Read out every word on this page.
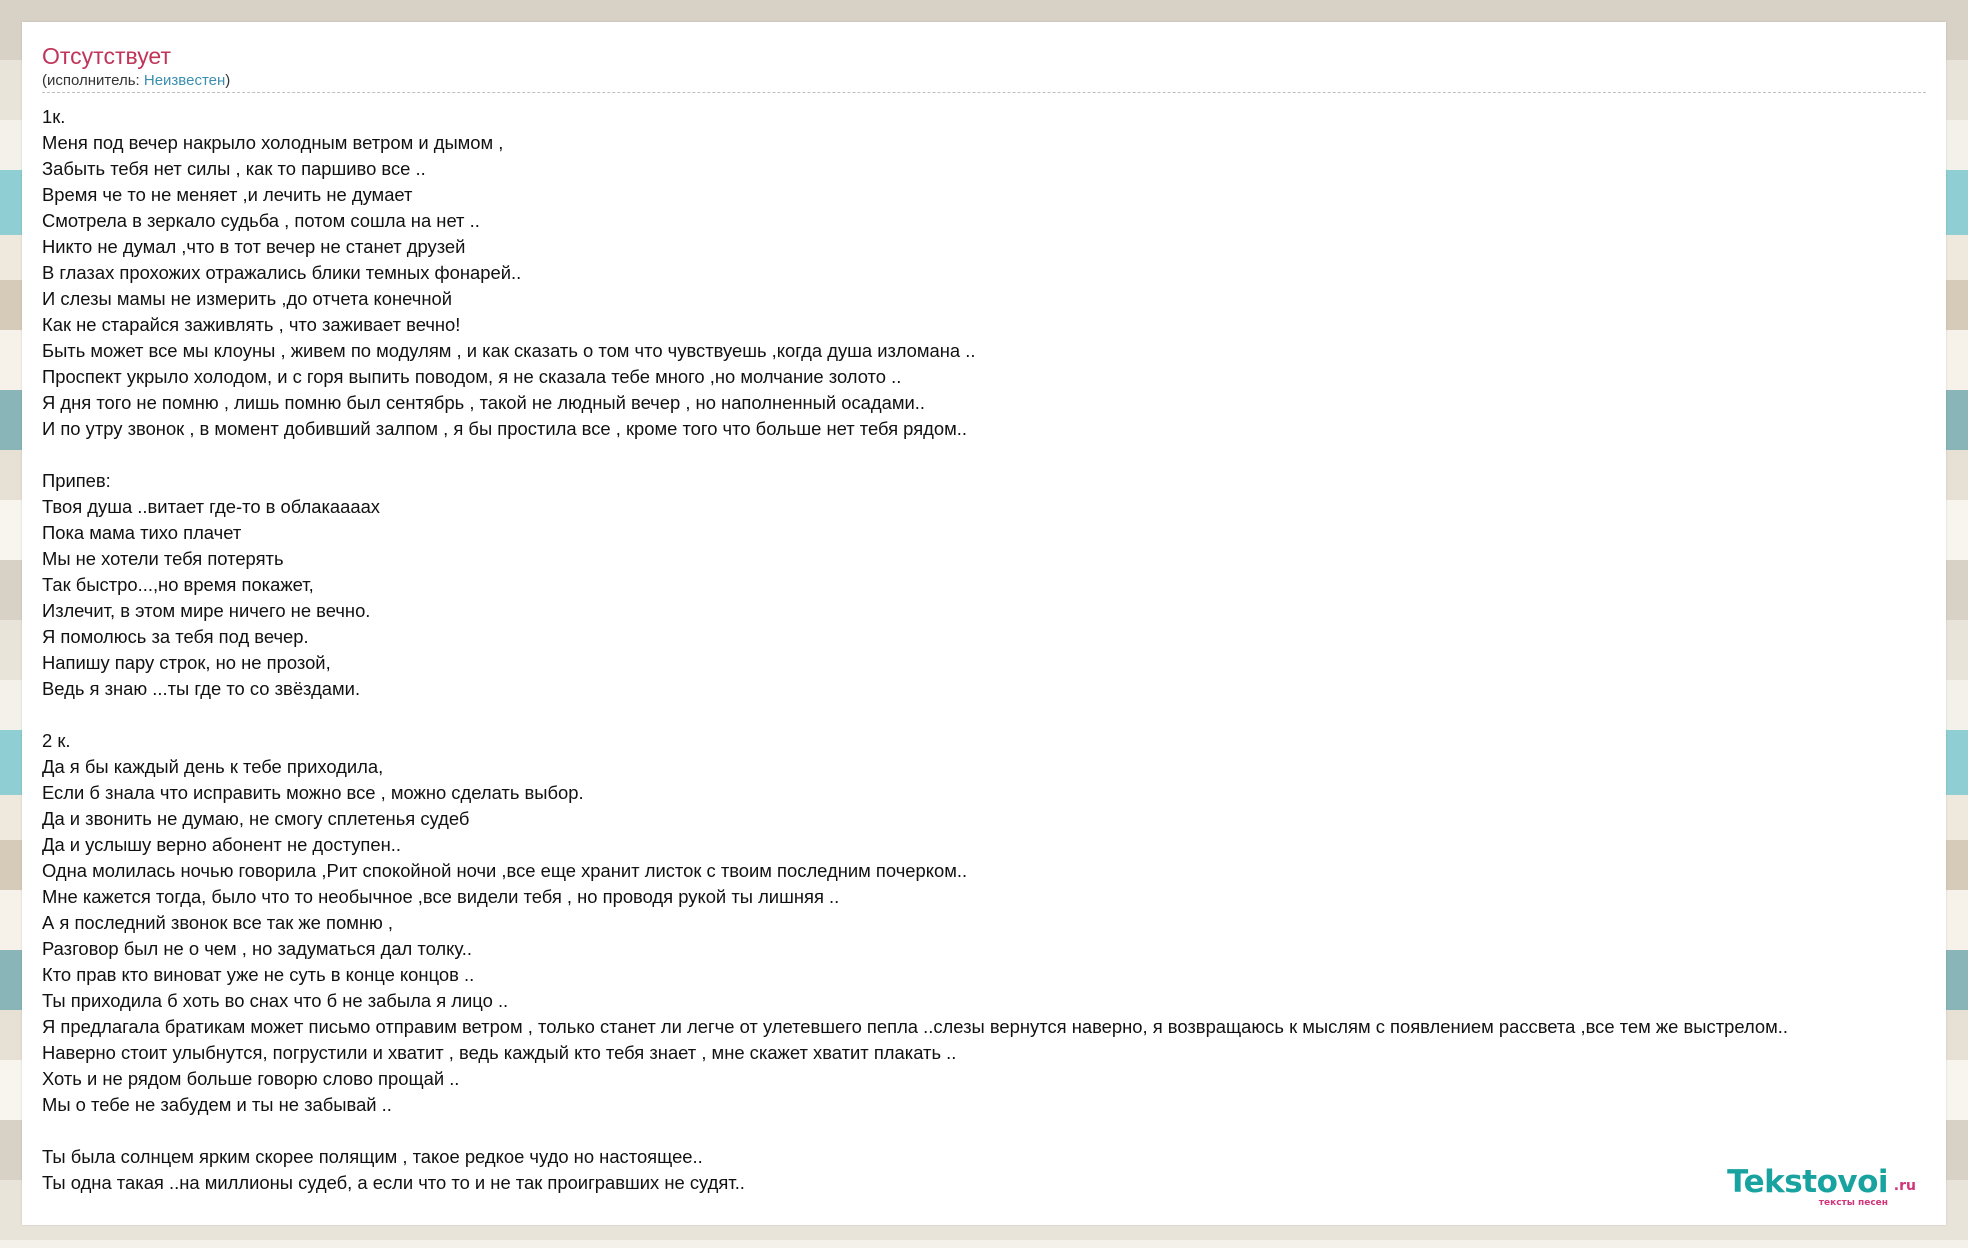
Отсутствует
(исполнитель: Неизвестен)
1к.
Меня под вечер накрыло холодным ветром и дымом ,
Забыть тебя нет силы , как то паршиво все ..
Время че то не меняет ,и лечить не думает
Смотрела в зеркало судьба , потом сошла на нет ..
Никто не думал ,что в тот вечер не станет друзей
В глазах прохожих отражались блики темных фонарей..
И слезы мамы не измерить ,до отчета конечной
Как не старайся заживлять , что заживает вечно!
Быть может все мы клоуны , живем по модулям , и как сказать о том что чувствуешь ,когда душа изломана ..
Проспект укрыло холодом, и с горя выпить поводом, я не сказала тебе много ,но молчание золото ..
Я дня того не помню , лишь помню был сентябрь , такой не людный вечер , но наполненный осадами..
И по утру звонок , в момент добивший залпом , я бы простила все , кроме того что больше нет тебя рядом..

Припев:
Твоя душа ..витает где-то в облакаааах
Пока мама тихо плачет
Мы не хотели тебя потерять
Так быстро...,но время покажет,
Излечит, в этом мире ничего не вечно.
Я помолюсь за тебя под вечер.
Напишу пару строк, но не прозой,
Ведь я знаю ...ты где то со звёздами.

2 к.
Да я бы каждый день к тебе приходила,
Если б знала что исправить можно все , можно сделать выбор.
Да и звонить не думаю, не смогу сплетенья судеб
Да и услышу верно абонент не доступен..
Одна молилась ночью говорила ,Рит спокойной ночи ,все еще хранит листок с твоим последним почерком..
Мне кажется тогда, было что то необычное ,все видели тебя , но проводя рукой ты лишняя ..
А я последний звонок все так же помню ,
Разговор был не о чем , но задуматься дал толку..
Кто прав кто виноват уже не суть в конце концов ..
Ты приходила б хоть во снах что б не забыла я лицо ..
Я предлагала братикам может письмо отправим ветром , только станет ли легче от улетевшего пепла ..слезы вернутся наверно, я возвращаюсь к мыслям с появлением рассвета ,все тем же выстрелом..
Наверно стоит улыбнутся, погрустили и хватит , ведь каждый кто тебя знает , мне скажет хватит плакать ..
Хоть и не рядом больше говорю слово прощай ..
Мы о тебе не забудем и ты не забывай ..

Ты была солнцем ярким скорее полящим , такое редкое чудо но настоящее..
Ты одна такая ..на миллионы судеб, а если что то и не так проигравших не судят..	Tekstovoi .ru
тексты песен
